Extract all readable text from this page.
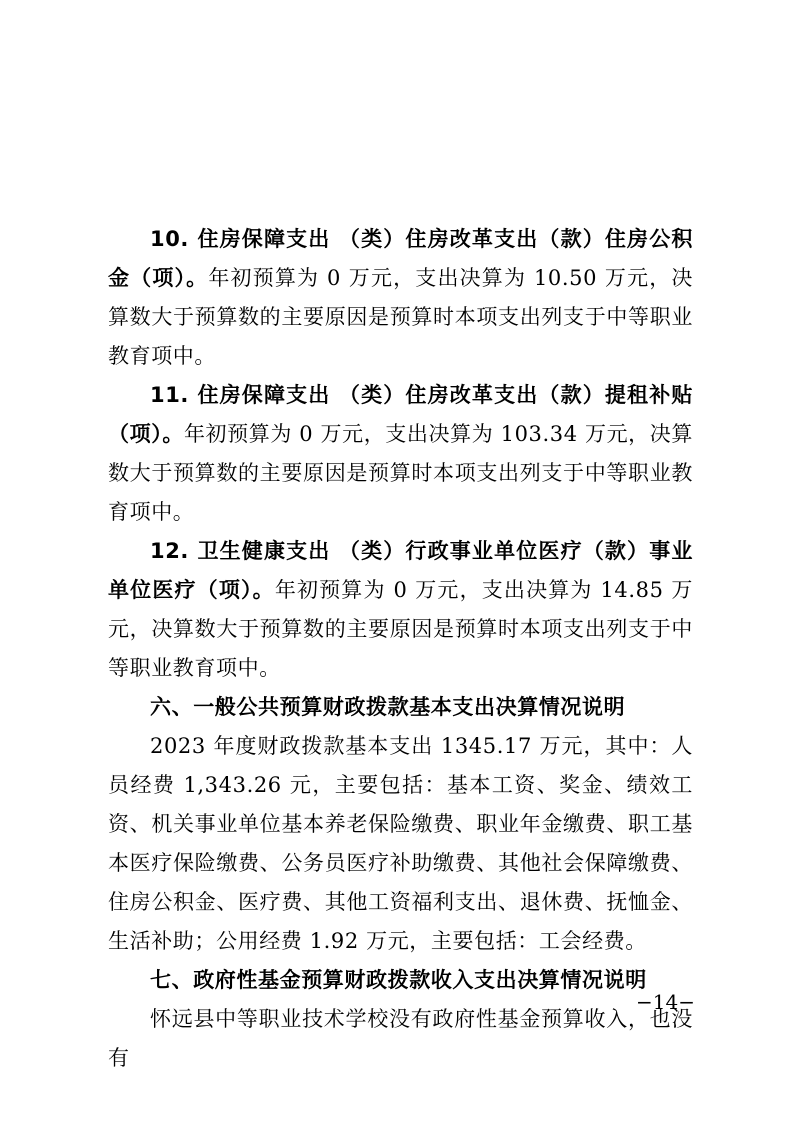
10. 住房保障支出 （类）住房改革支出（款）住房公积金（项）。年初预算为 0 万元，支出决算为 10.50 万元，决算数大于预算数的主要原因是预算时本项支出列支于中等职业教育项中。

11. 住房保障支出 （类）住房改革支出（款）提租补贴（项）。年初预算为 0 万元，支出决算为 103.34 万元，决算数大于预算数的主要原因是预算时本项支出列支于中等职业教育项中。

12. 卫生健康支出 （类）行政事业单位医疗（款）事业单位医疗（项）。年初预算为 0 万元，支出决算为 14.85 万元，决算数大于预算数的主要原因是预算时本项支出列支于中等职业教育项中。

六、一般公共预算财政拨款基本支出决算情况说明

2023 年度财政拨款基本支出 1345.17 万元，其中：人员经费 1,343.26 元，主要包括：基本工资、奖金、绩效工资、机关事业单位基本养老保险缴费、职业年金缴费、职工基本医疗保险缴费、公务员医疗补助缴费、其他社会保障缴费、住房公积金、医疗费、其他工资福利支出、退休费、抚恤金、生活补助；公用经费 1.92 万元，主要包括：工会经费。

七、政府性基金预算财政拨款收入支出决算情况说明

怀远县中等职业技术学校没有政府性基金预算收入，也没有

−14−
